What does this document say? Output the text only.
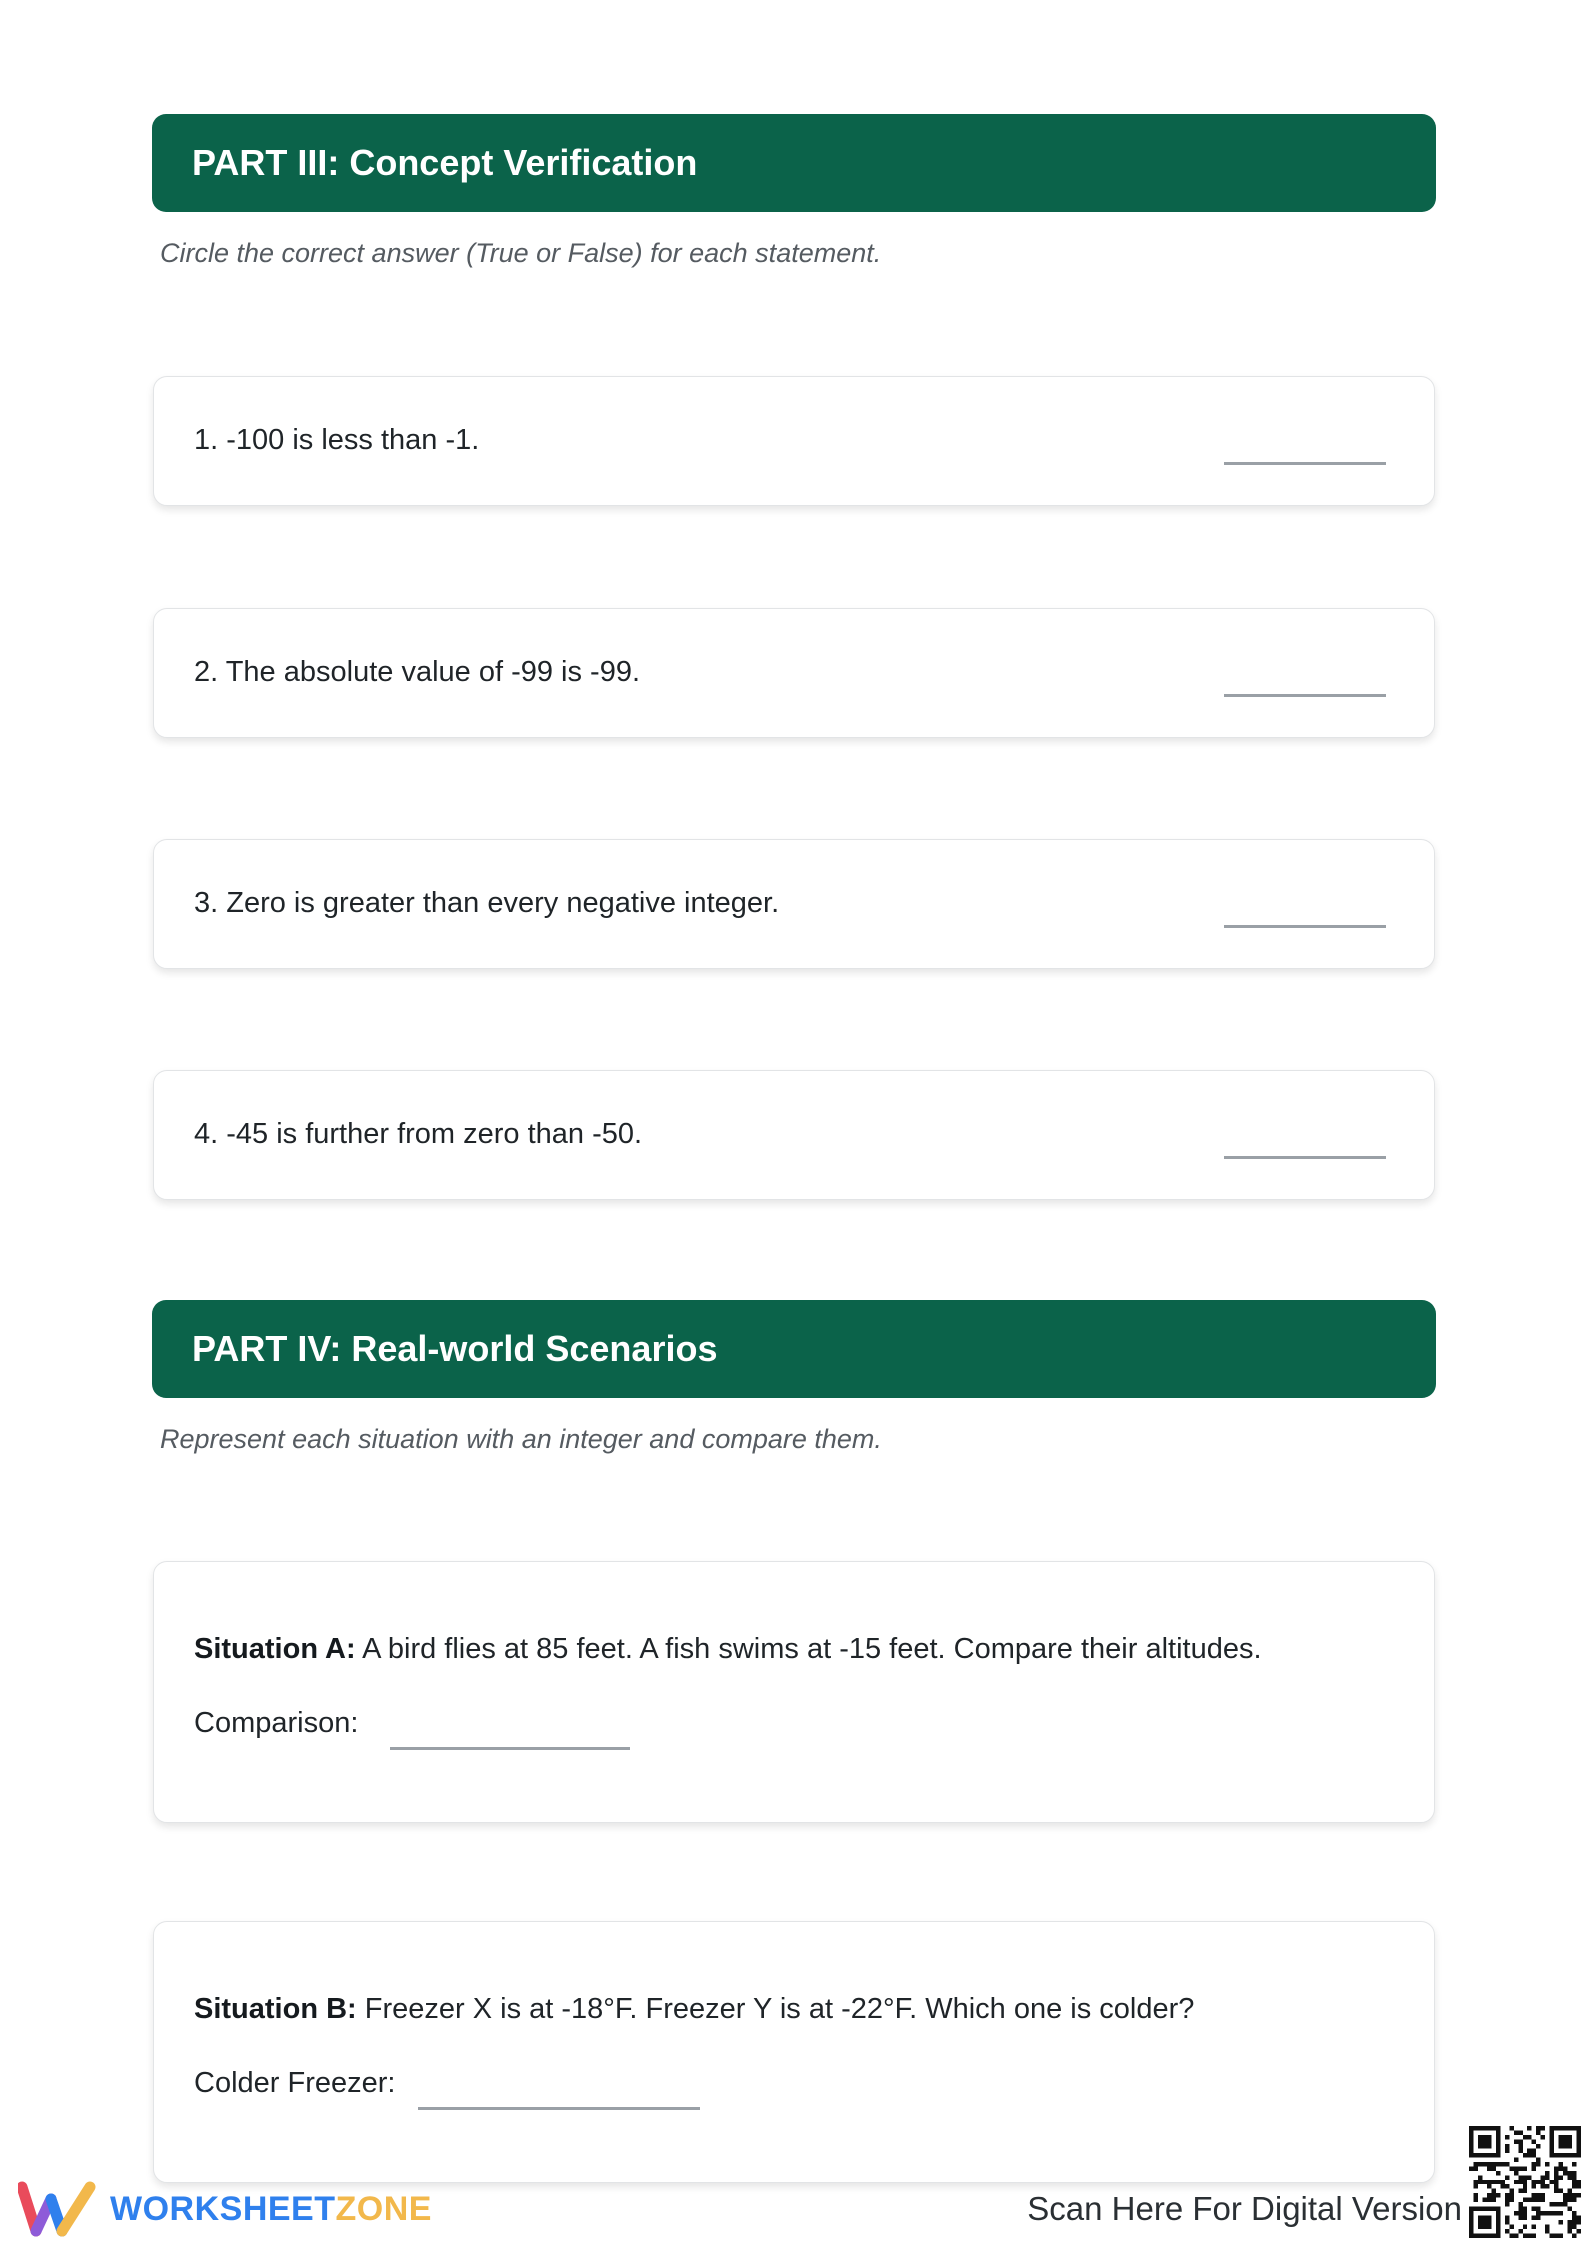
PART III: Concept Verification
Circle the correct answer (True or False) for each statement.
1. -100 is less than -1.
2. The absolute value of -99 is -99.
3. Zero is greater than every negative integer.
4. -45 is further from zero than -50.
PART IV: Real-world Scenarios
Represent each situation with an integer and compare them.
Situation A: A bird flies at 85 feet. A fish swims at -15 feet. Compare their altitudes.
Comparison:
Situation B: Freezer X is at -18°F. Freezer Y is at -22°F. Which one is colder?
Colder Freezer:
WORKSHEETZONE	Scan Here For Digital Version
